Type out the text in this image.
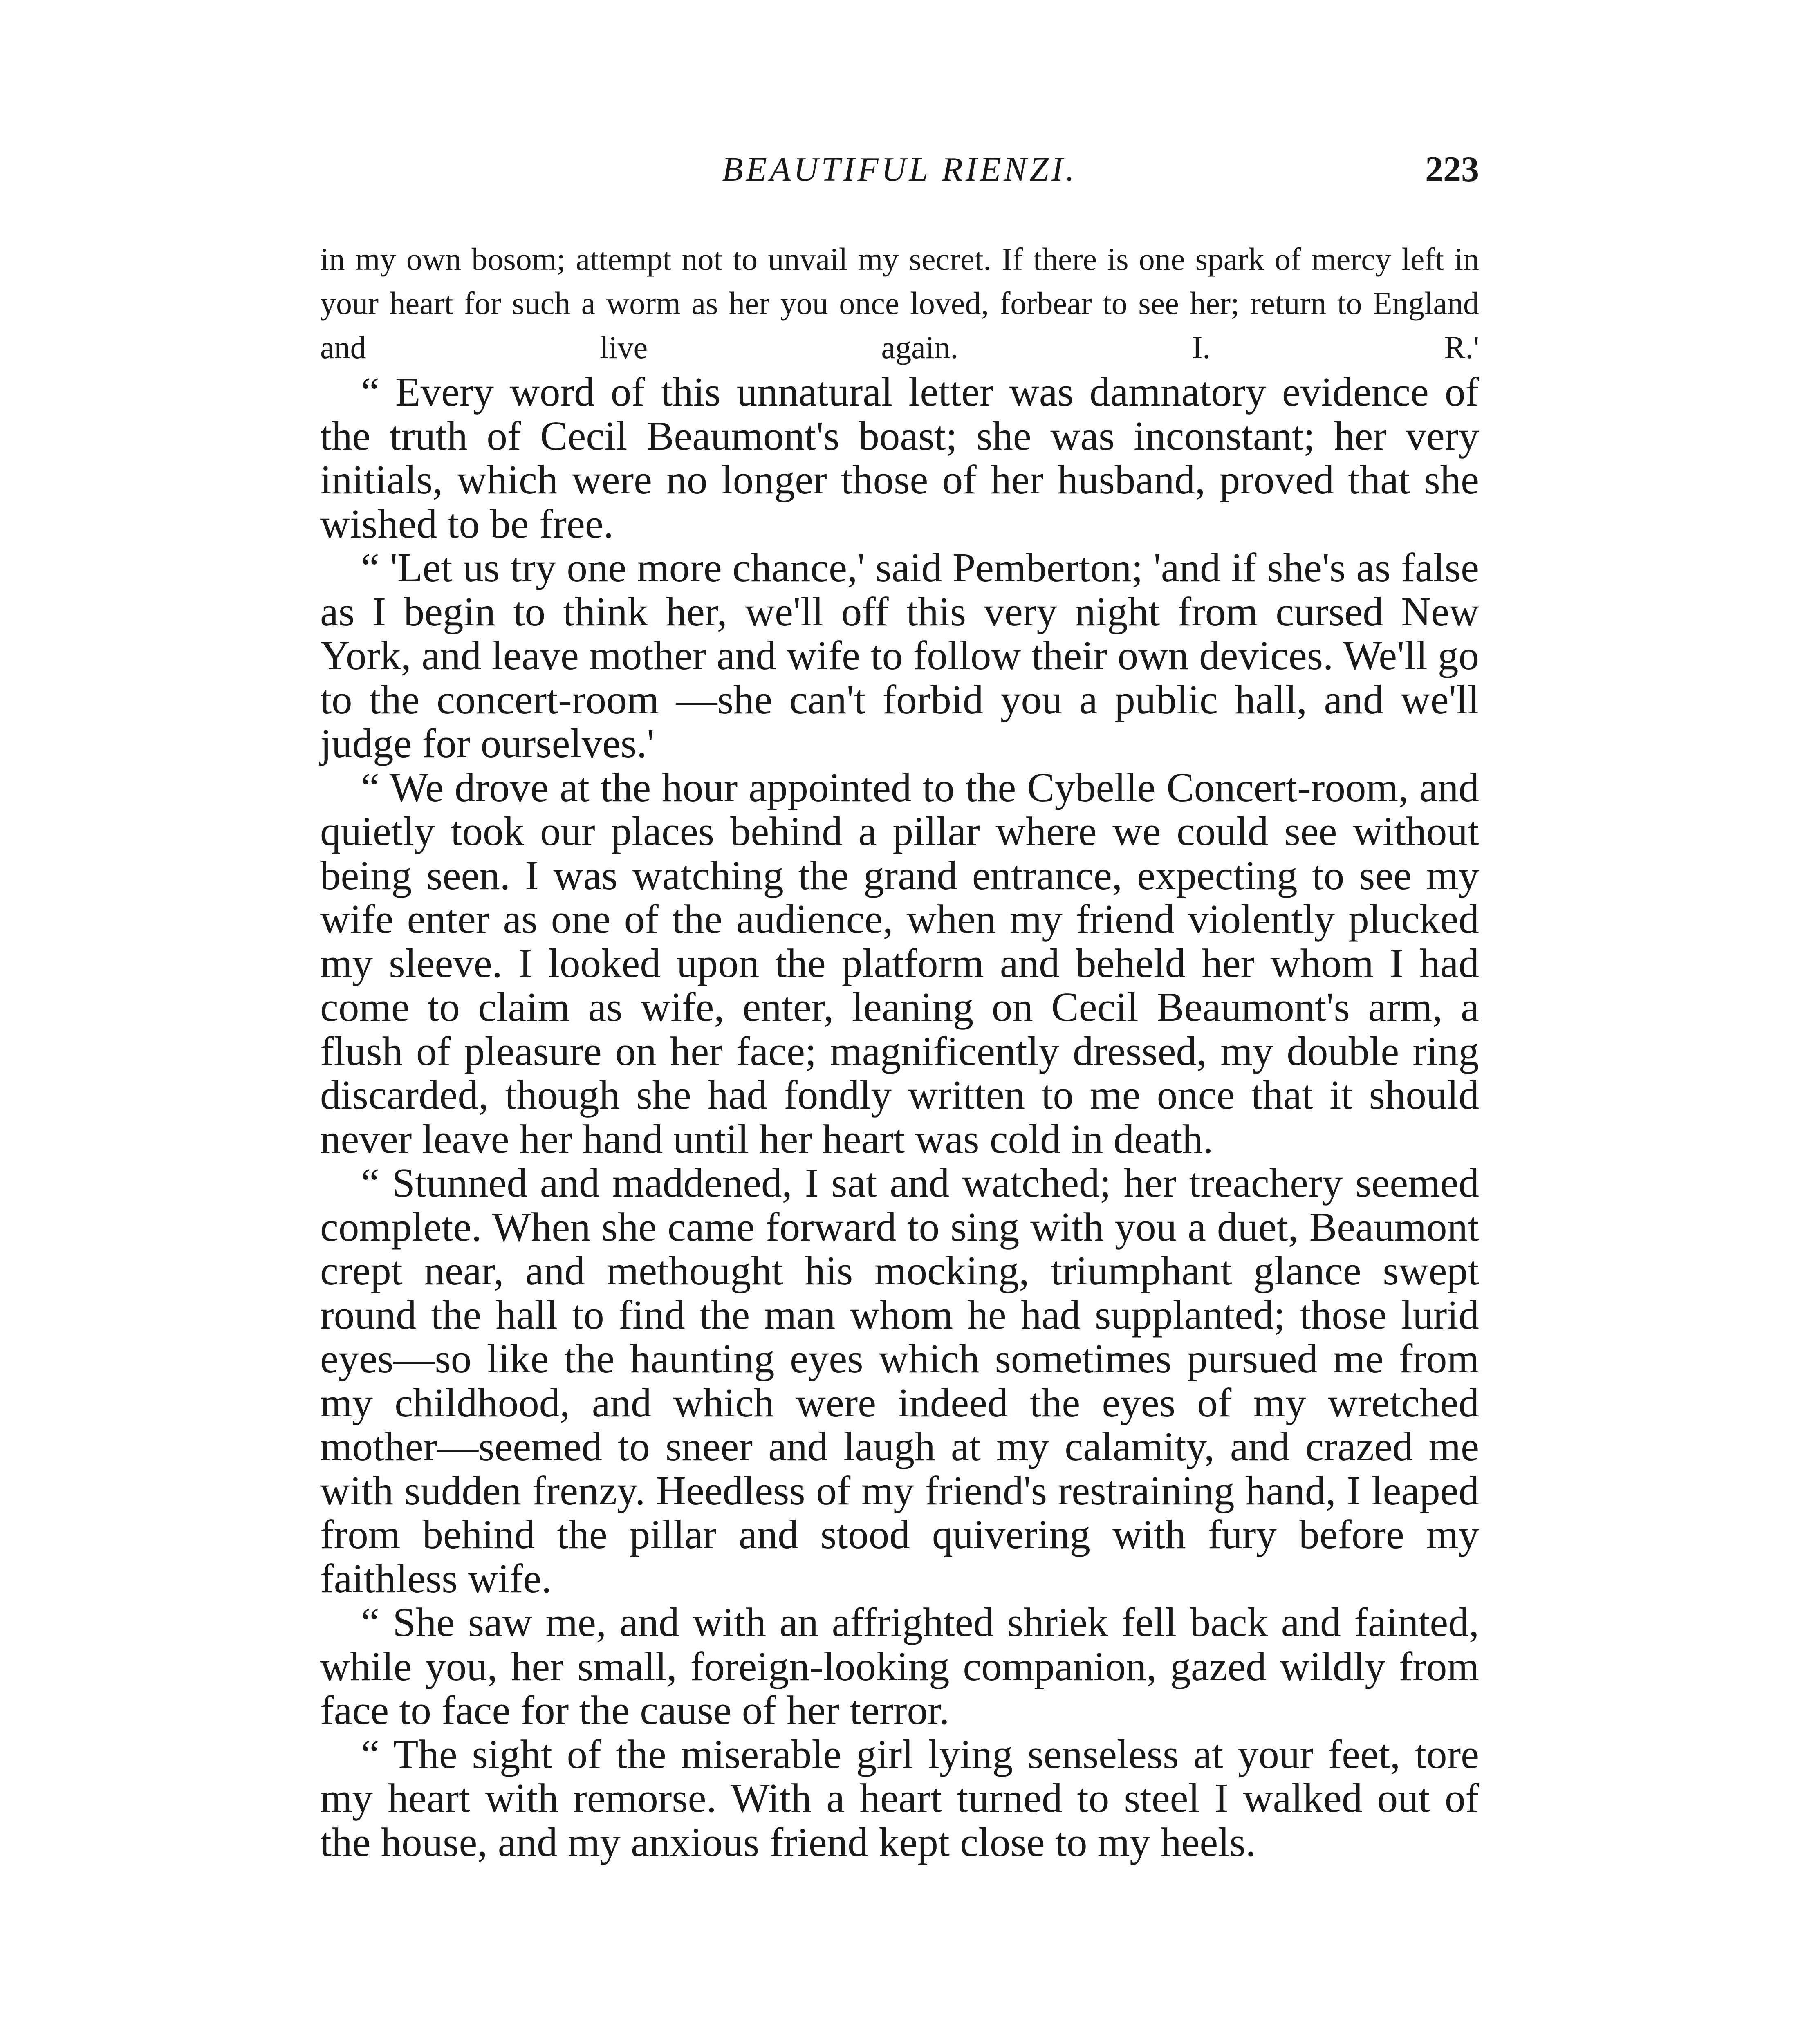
BEAUTIFUL RIENZI.	223
in my own bosom; attempt not to unvail my secret. If there is one spark of mercy left in your heart for such a worm as her you once loved, forbear to see her; return to England and live again. I. R.'

“ Every word of this unnatural letter was damnatory evidence of the truth of Cecil Beaumont's boast; she was inconstant; her very initials, which were no longer those of her husband, proved that she wished to be free.

“ 'Let us try one more chance,' said Pemberton; 'and if she's as false as I begin to think her, we'll off this very night from cursed New York, and leave mother and wife to follow their own devices. We'll go to the concert-room —she can't forbid you a public hall, and we'll judge for ourselves.'

“ We drove at the hour appointed to the Cybelle Concert-room, and quietly took our places behind a pillar where we could see without being seen. I was watching the grand entrance, expecting to see my wife enter as one of the audience, when my friend violently plucked my sleeve. I looked upon the platform and beheld her whom I had come to claim as wife, enter, leaning on Cecil Beaumont's arm, a flush of pleasure on her face; magnificently dressed, my double ring discarded, though she had fondly written to me once that it should never leave her hand until her heart was cold in death.

“ Stunned and maddened, I sat and watched; her treachery seemed complete. When she came forward to sing with you a duet, Beaumont crept near, and methought his mocking, triumphant glance swept round the hall to find the man whom he had supplanted; those lurid eyes—so like the haunting eyes which sometimes pursued me from my childhood, and which were indeed the eyes of my wretched mother—seemed to sneer and laugh at my calamity, and crazed me with sudden frenzy. Heedless of my friend's restraining hand, I leaped from behind the pillar and stood quivering with fury before my faithless wife.

“ She saw me, and with an affrighted shriek fell back and fainted, while you, her small, foreign-looking companion, gazed wildly from face to face for the cause of her terror.

“ The sight of the miserable girl lying senseless at your feet, tore my heart with remorse. With a heart turned to steel I walked out of the house, and my anxious friend kept close to my heels.
